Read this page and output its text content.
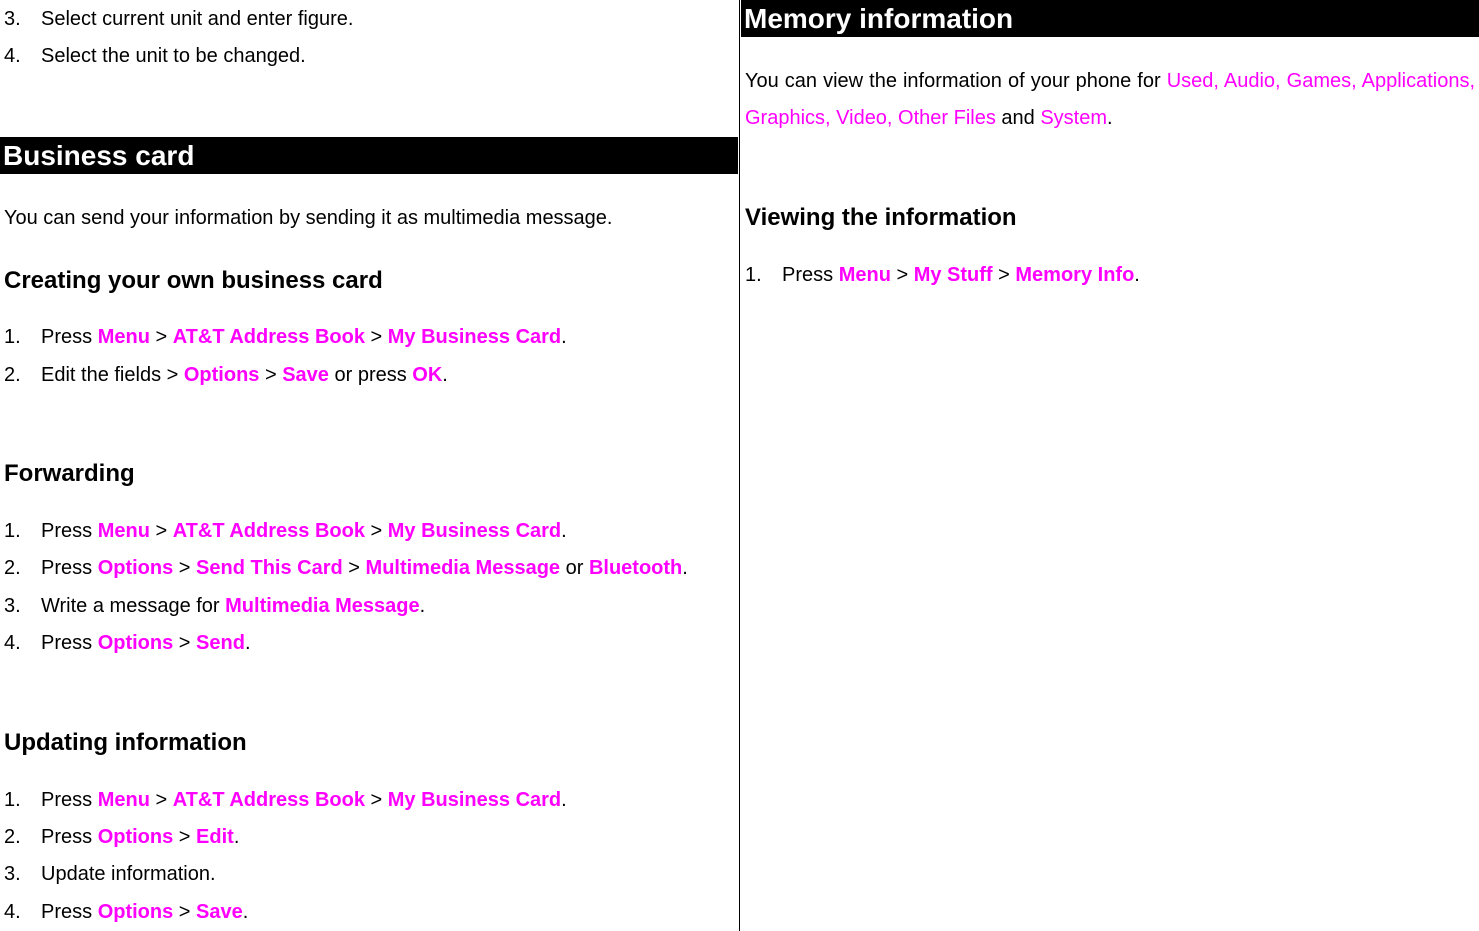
3. Select current unit and enter figure.
4. Select the unit to be changed.
Business card
You can send your information by sending it as multimedia message.
Creating your own business card
1. Press Menu > AT&T Address Book > My Business Card.
2. Edit the fields > Options > Save or press OK.
Forwarding
1. Press Menu > AT&T Address Book > My Business Card.
2. Press Options > Send This Card > Multimedia Message or Bluetooth.
3. Write a message for Multimedia Message.
4. Press Options > Send.
Updating information
1. Press Menu > AT&T Address Book > My Business Card.
2. Press Options > Edit.
3. Update information.
4. Press Options > Save.
Memory information
You can view the information of your phone for Used, Audio, Games, Applications, Graphics, Video, Other Files and System.
Viewing the information
1. Press Menu > My Stuff > Memory Info.
